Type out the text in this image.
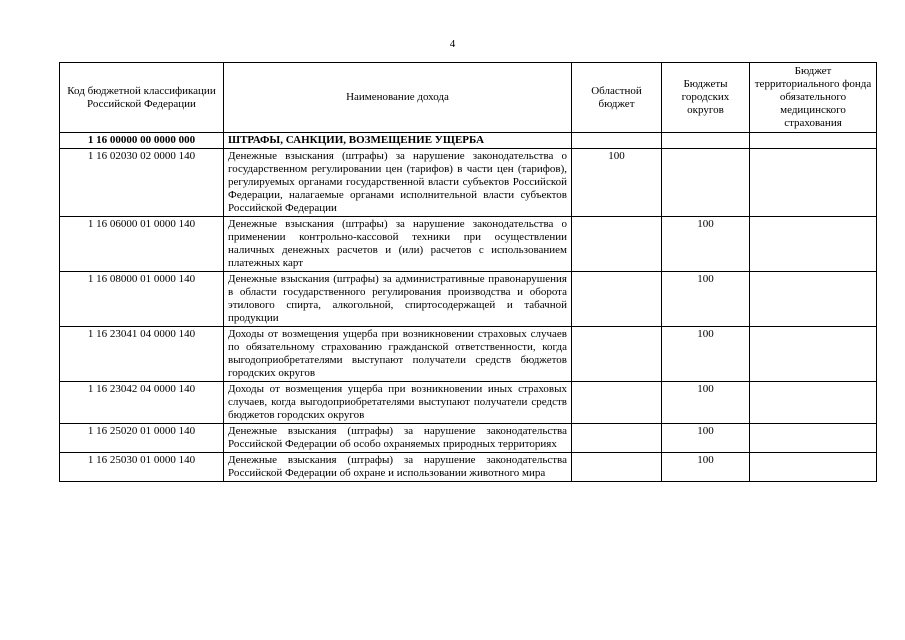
4
Код бюджетной классификации Российской Федерации	Наименование дохода	Областной бюджет	Бюджеты городских округов	Бюджет территориального фонда обязательного медицинского страхования
1 16 00000 00 0000 000	ШТРАФЫ, САНКЦИИ, ВОЗМЕЩЕНИЕ УЩЕРБА			
1 16 02030 02 0000 140	Денежные взыскания (штрафы) за нарушение законодательства о государственном регулировании цен (тарифов) в части цен (тарифов), регулируемых органами государственной власти субъектов Российской Федерации, налагаемые органами исполнительной власти субъектов Российской Федерации	100		
1 16 06000 01 0000 140	Денежные взыскания (штрафы) за нарушение законодательства о применении контрольно-кассовой техники при осуществлении наличных денежных расчетов и (или) расчетов с использованием платежных карт		100	
1 16 08000 01 0000 140	Денежные взыскания (штрафы) за административные правонарушения в области государственного регулирования производства и оборота этилового спирта, алкогольной, спиртосодержащей и табачной продукции		100	
1 16 23041 04 0000 140	Доходы от возмещения ущерба при возникновении страховых случаев по обязательному страхованию гражданской ответственности, когда выгодоприобретателями выступают получатели средств бюджетов городских округов		100	
1 16 23042 04 0000 140	Доходы от возмещения ущерба при возникновении иных страховых случаев, когда выгодоприобретателями выступают получатели средств бюджетов городских округов		100	
1 16 25020 01 0000 140	Денежные взыскания (штрафы) за нарушение законодательства Российской Федерации об особо охраняемых природных территориях		100	
1 16 25030 01 0000 140	Денежные взыскания (штрафы) за нарушение законодательства Российской Федерации об охране и использовании животного мира		100	
